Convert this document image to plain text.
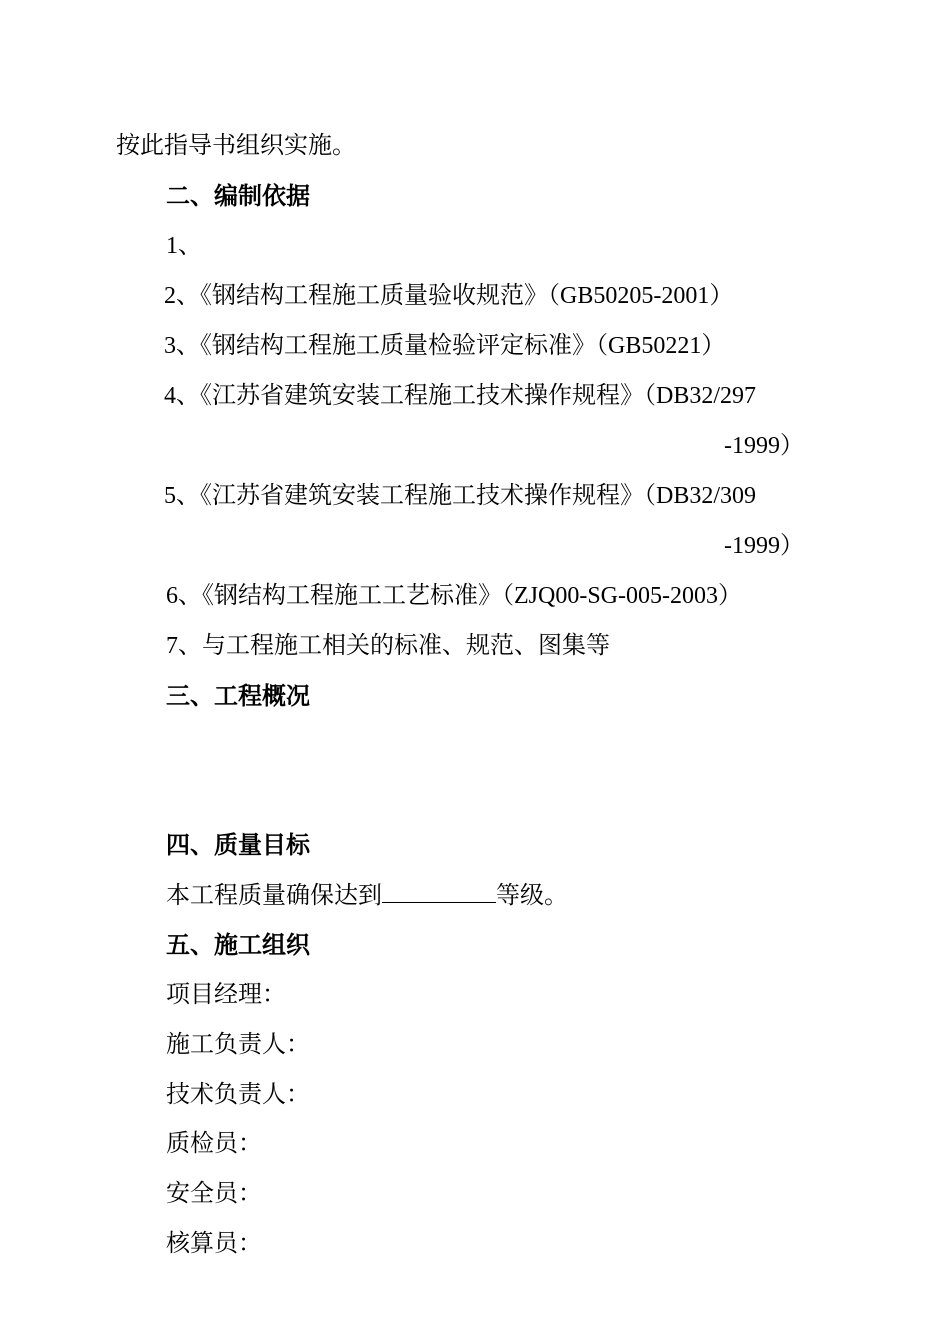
按此指导书组织实施。
二、编制依据
1、
2、《钢结构工程施工质量验收规范》（GB50205-2001）
3、《钢结构工程施工质量检验评定标准》（GB50221）
4、《江苏省建筑安装工程施工技术操作规程》（DB32/297
-1999）
5、《江苏省建筑安装工程施工技术操作规程》（DB32/309
-1999）
6、《钢结构工程施工工艺标准》（ZJQ00-SG-005-2003）
7、与工程施工相关的标准、规范、图集等
三、工程概况
四、质量目标
本工程质量确保达到	等级。
五、施工组织
项目经理：
施工负责人：
技术负责人：
质检员：
安全员：
核算员：
